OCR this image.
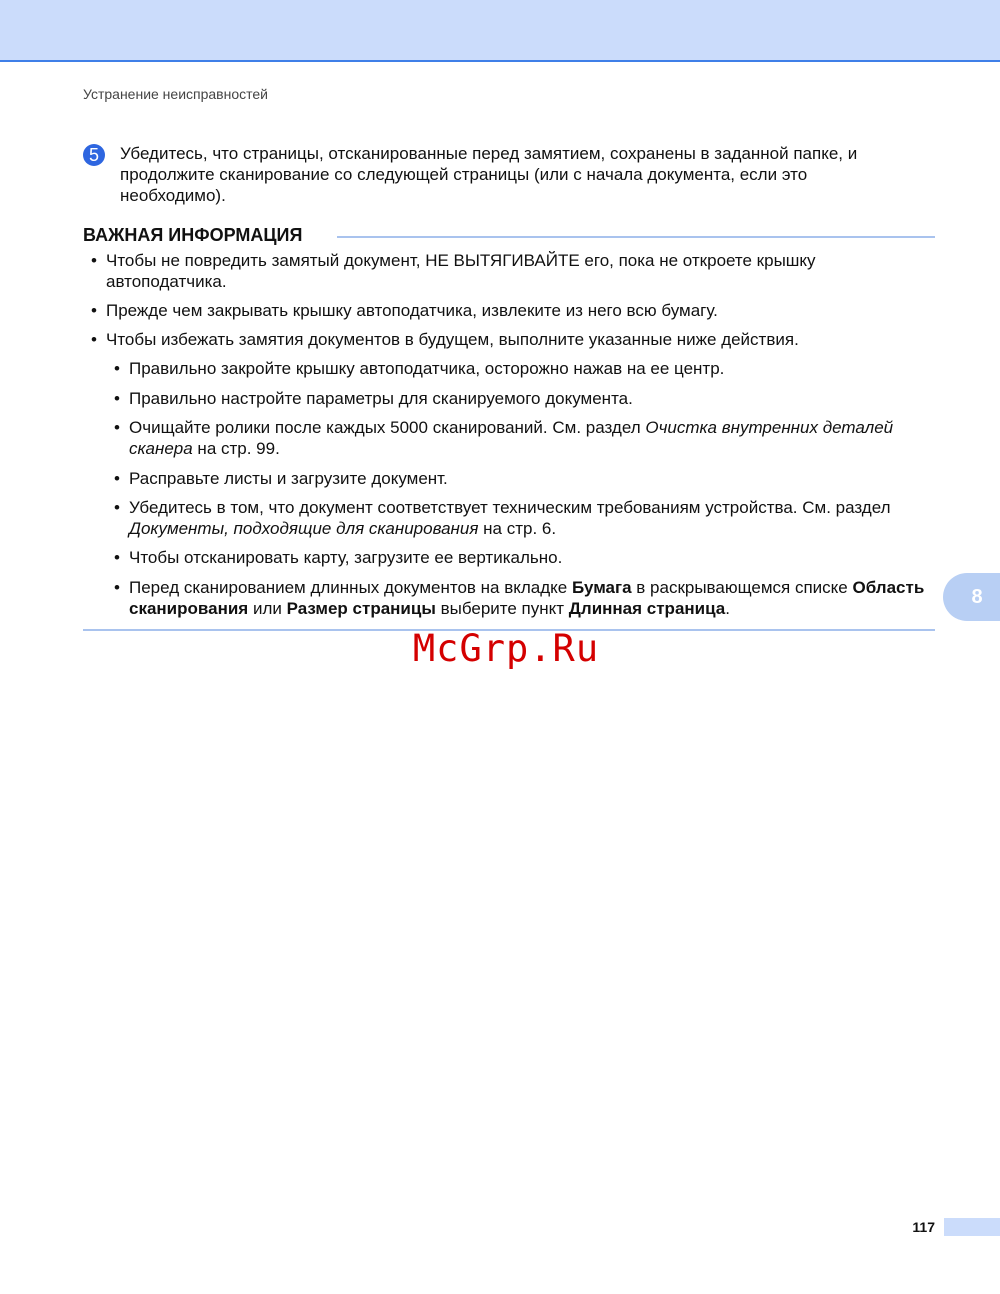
Устранение неисправностей
5	Убедитесь, что страницы, отсканированные перед замятием, сохранены в заданной папке, и продолжите сканирование со следующей страницы (или с начала документа, если это необходимо).
ВАЖНАЯ ИНФОРМАЦИЯ
• Чтобы не повредить замятый документ, НЕ ВЫТЯГИВАЙТЕ его, пока не откроете крышку автоподатчика.
• Прежде чем закрывать крышку автоподатчика, извлеките из него всю бумагу.
• Чтобы избежать замятия документов в будущем, выполните указанные ниже действия.
• Правильно закройте крышку автоподатчика, осторожно нажав на ее центр.
• Правильно настройте параметры для сканируемого документа.
• Очищайте ролики после каждых 5000 сканирований. См. раздел Очистка внутренних деталей сканера на стр. 99.
• Расправьте листы и загрузите документ.
• Убедитесь в том, что документ соответствует техническим требованиям устройства. См. раздел Документы, подходящие для сканирования на стр. 6.
• Чтобы отсканировать карту, загрузите ее вертикально.
• Перед сканированием длинных документов на вкладке Бумага в раскрывающемся списке Область сканирования или Размер страницы выберите пункт Длинная страница.
8
McGrp.Ru
117
